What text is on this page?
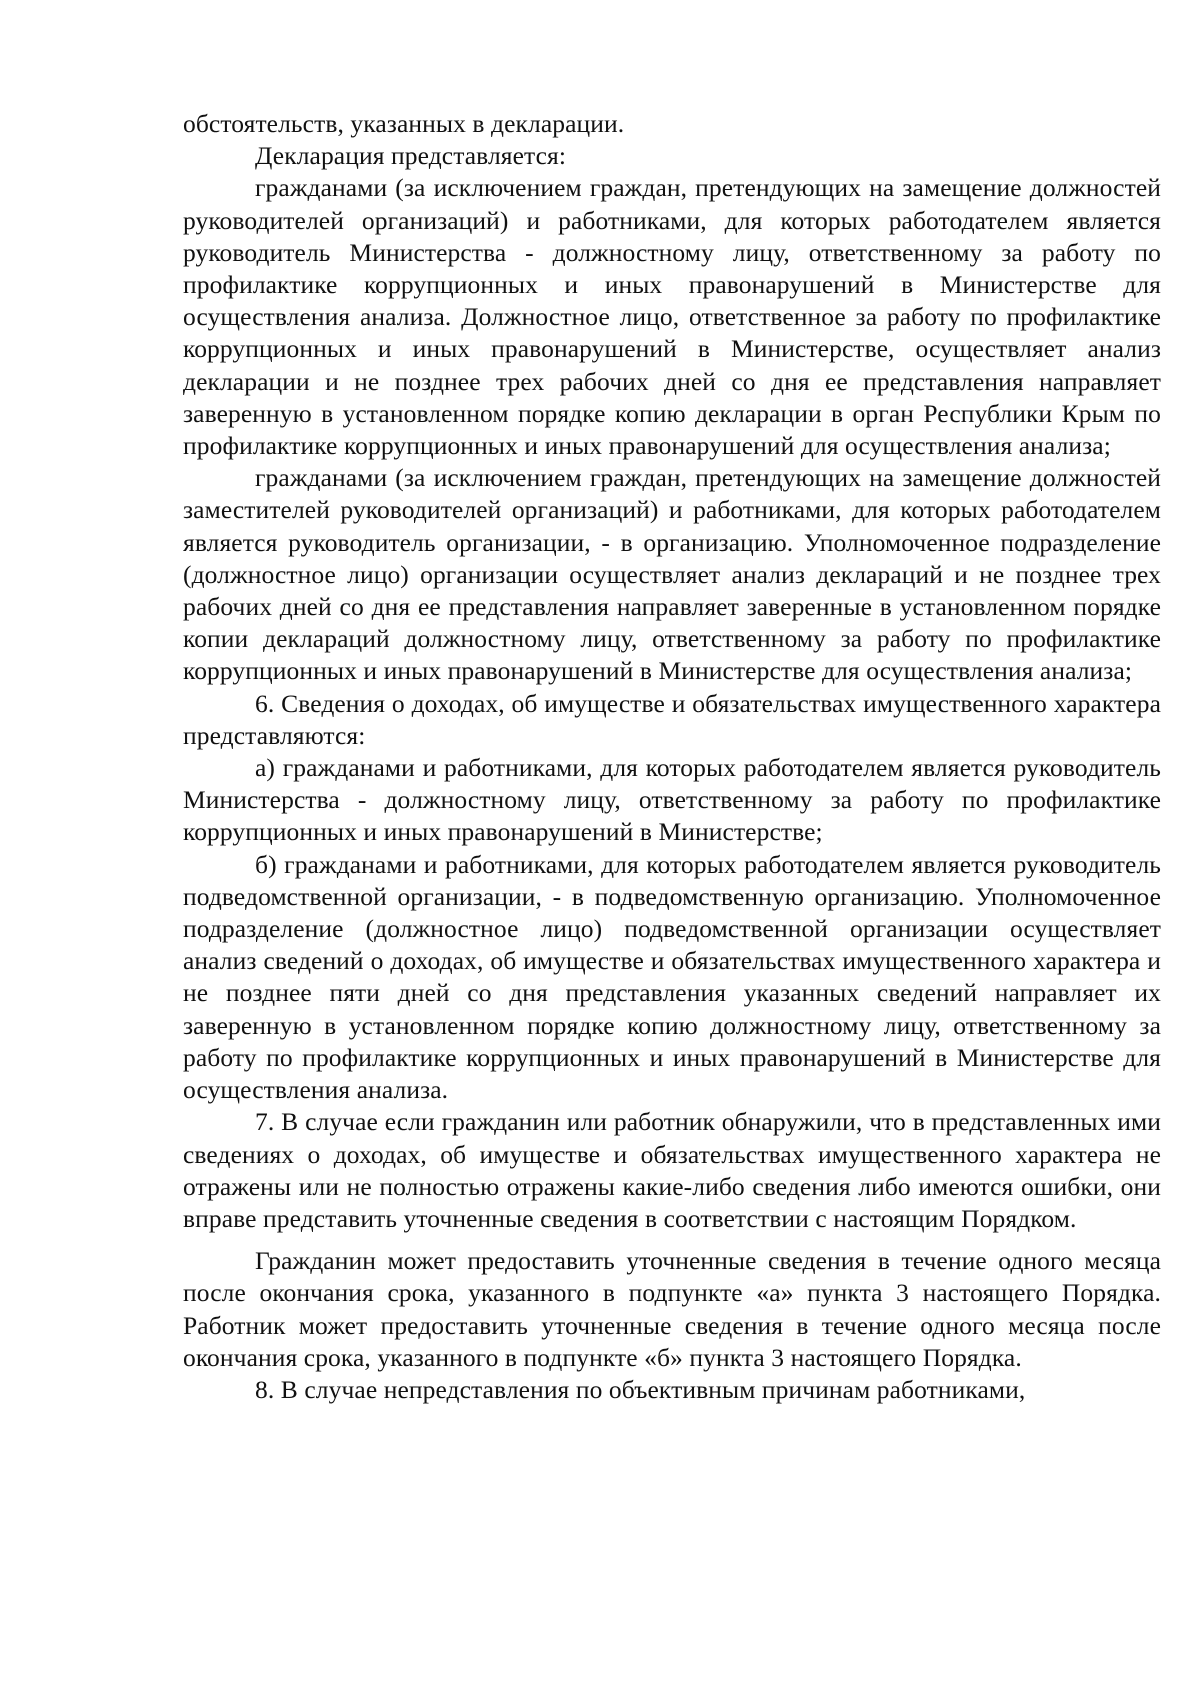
обстоятельств, указанных в декларации.

Декларация представляется:

гражданами (за исключением граждан, претендующих на замещение должностей руководителей организаций) и работниками, для которых работодателем является руководитель Министерства - должностному лицу, ответственному за работу по профилактике коррупционных и иных правонарушений в Министерстве для осуществления анализа. Должностное лицо, ответственное за работу по профилактике коррупционных и иных правонарушений в Министерстве, осуществляет анализ декларации и не позднее трех рабочих дней со дня ее представления направляет заверенную в установленном порядке копию декларации в орган Республики Крым по профилактике коррупционных и иных правонарушений для осуществления анализа;

гражданами (за исключением граждан, претендующих на замещение должностей заместителей руководителей организаций) и работниками, для которых работодателем является руководитель организации, - в организацию. Уполномоченное подразделение (должностное лицо) организации осуществляет анализ деклараций и не позднее трех рабочих дней со дня ее представления направляет заверенные в установленном порядке копии деклараций должностному лицу, ответственному за работу по профилактике коррупционных и иных правонарушений в Министерстве для осуществления анализа;

6. Сведения о доходах, об имуществе и обязательствах имущественного характера представляются:

а) гражданами и работниками, для которых работодателем является руководитель Министерства - должностному лицу, ответственному за работу по профилактике коррупционных и иных правонарушений в Министерстве;

б) гражданами и работниками, для которых работодателем является руководитель подведомственной организации, - в подведомственную организацию. Уполномоченное подразделение (должностное лицо) подведомственной организации осуществляет анализ сведений о доходах, об имуществе и обязательствах имущественного характера и не позднее пяти дней со дня представления указанных сведений направляет их заверенную в установленном порядке копию должностному лицу, ответственному за работу по профилактике коррупционных и иных правонарушений в Министерстве для осуществления анализа.

7. В случае если гражданин или работник обнаружили, что в представленных ими сведениях о доходах, об имуществе и обязательствах имущественного характера не отражены или не полностью отражены какие-либо сведения либо имеются ошибки, они вправе представить уточненные сведения в соответствии с настоящим Порядком.

Гражданин может предоставить уточненные сведения в течение одного месяца после окончания срока, указанного в подпункте «а» пункта 3 настоящего Порядка. Работник может предоставить уточненные сведения в течение одного месяца после окончания срока, указанного в подпункте «б» пункта 3 настоящего Порядка.

8. В случае непредставления по объективным причинам работниками,
